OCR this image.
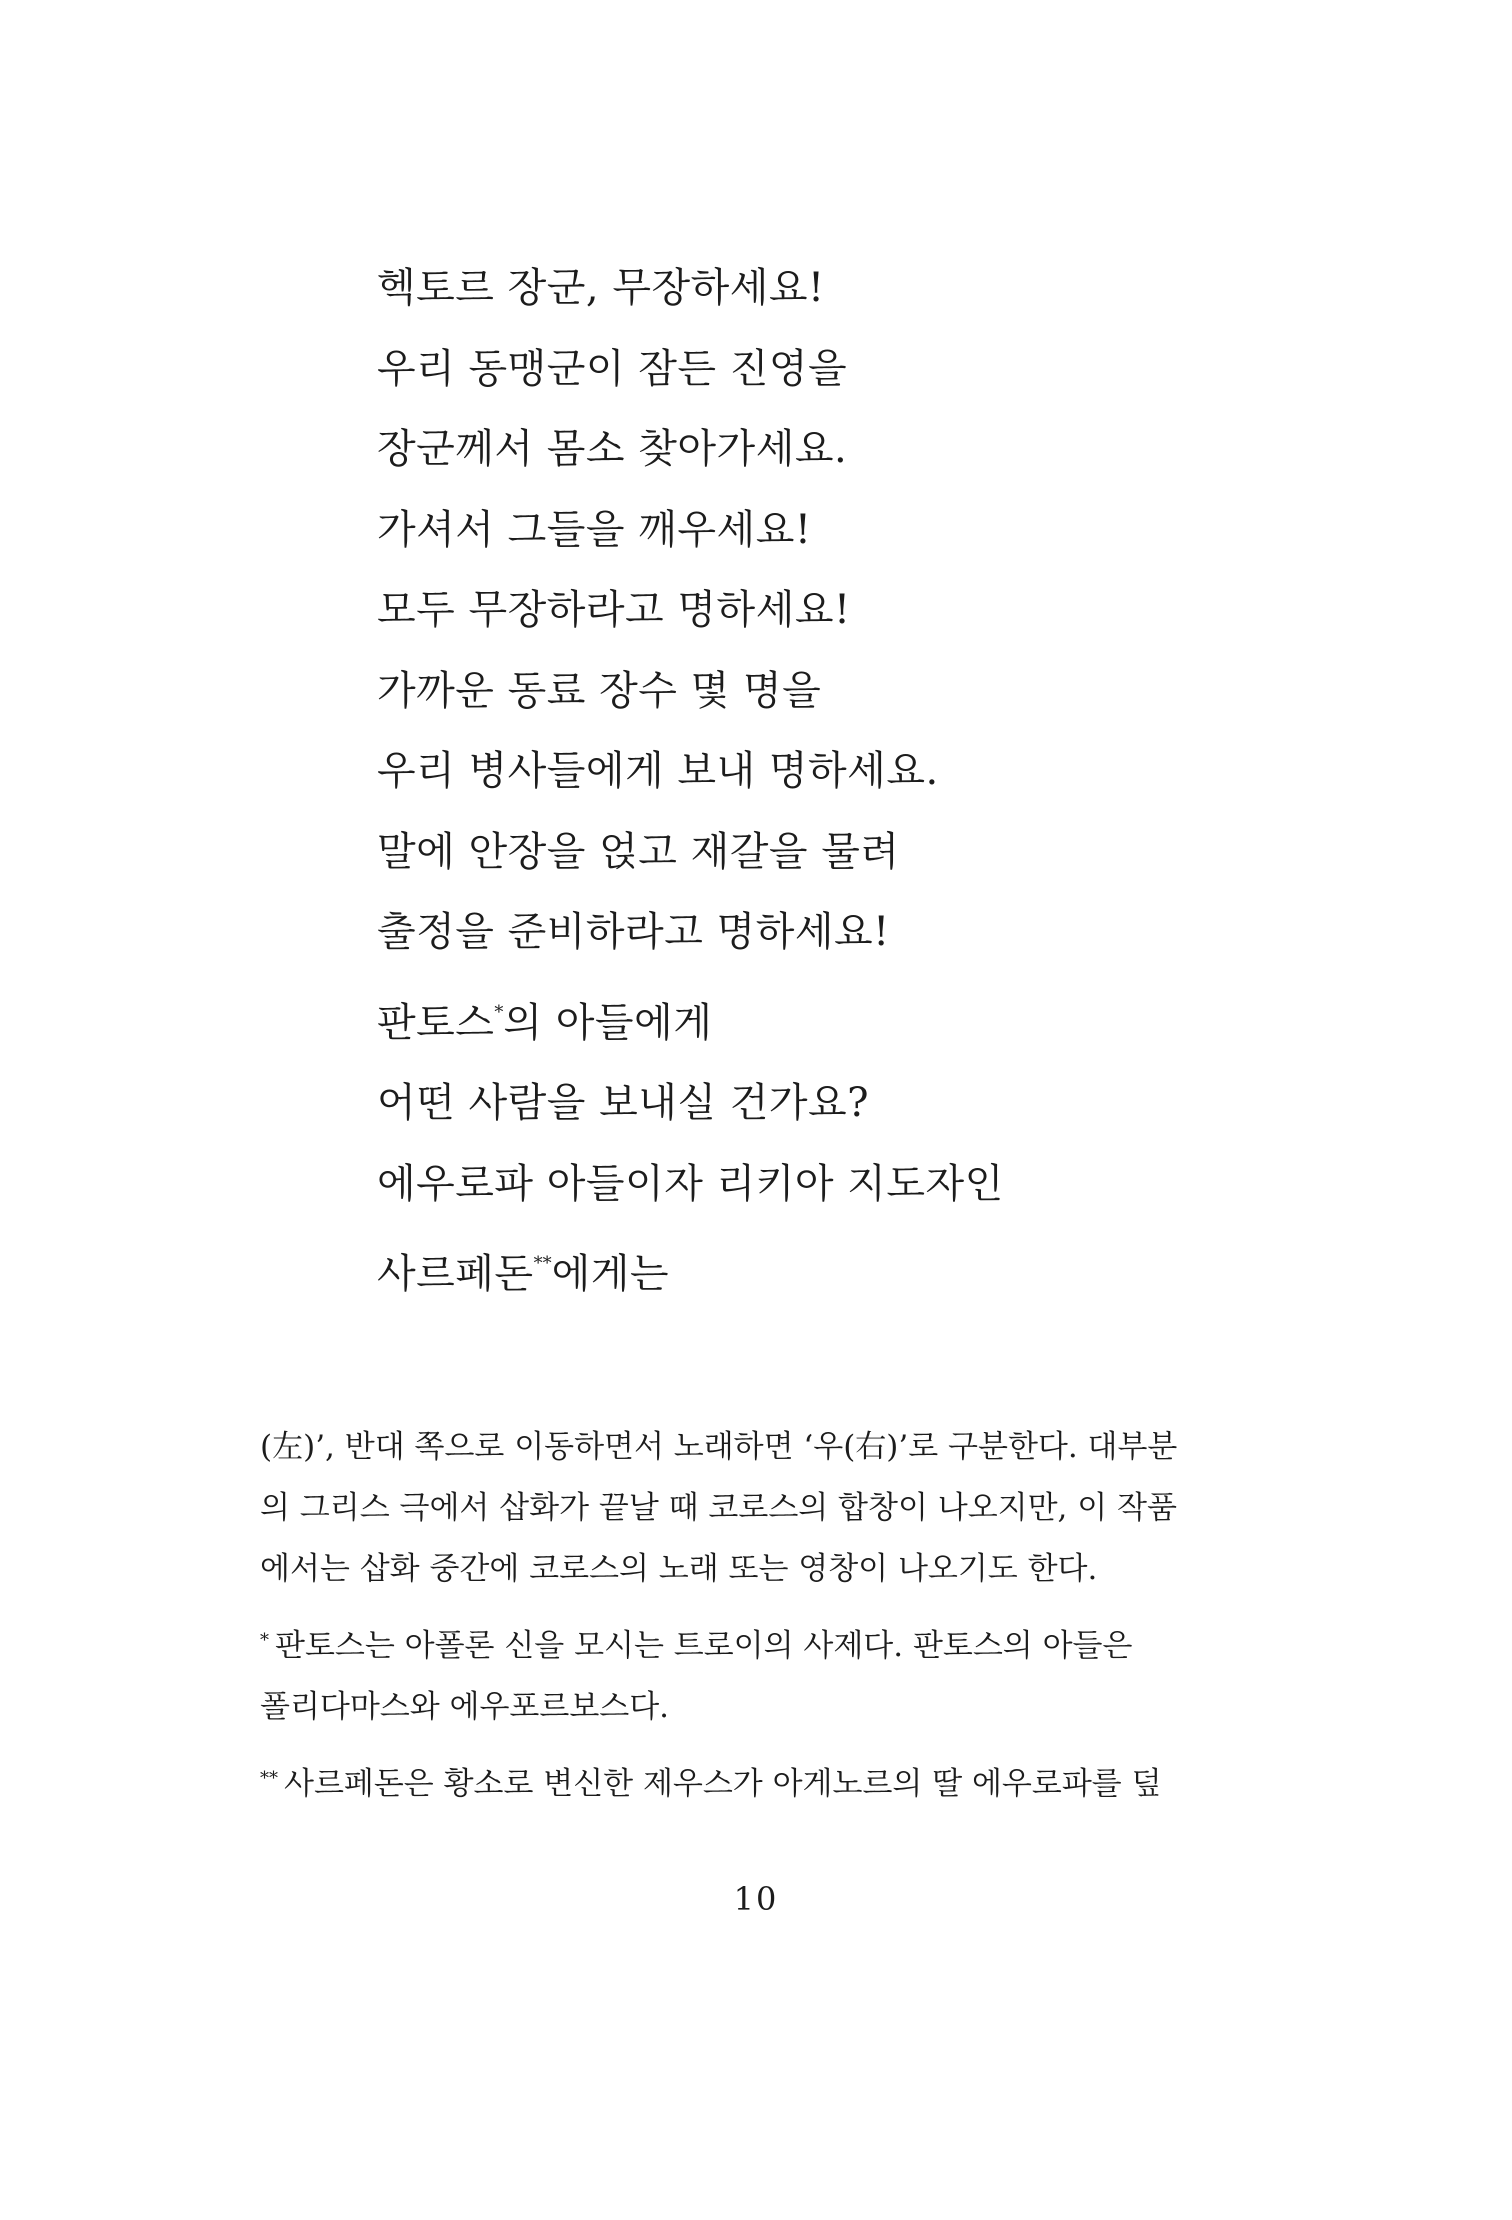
헥토르 장군, 무장하세요!
우리 동맹군이 잠든 진영을
장군께서 몸소 찾아가세요.
가셔서 그들을 깨우세요!
모두 무장하라고 명하세요!
가까운 동료 장수 몇 명을
우리 병사들에게 보내 명하세요.
말에 안장을 얹고 재갈을 물려
출정을 준비하라고 명하세요!
판토스*의 아들에게
어떤 사람을 보내실 건가요?
에우로파 아들이자 리키아 지도자인
사르페돈**에게는
(左)’, 반대 쪽으로 이동하면서 노래하면 ‘우(右)’로 구분한다. 대부분
의 그리스 극에서 삽화가 끝날 때 코로스의 합창이 나오지만, 이 작품
에서는 삽화 중간에 코로스의 노래 또는 영창이 나오기도 한다.
* 판토스는 아폴론 신을 모시는 트로이의 사제다. 판토스의 아들은
폴리다마스와 에우포르보스다.
** 사르페돈은 황소로 변신한 제우스가 아게노르의 딸 에우로파를 덮
10
